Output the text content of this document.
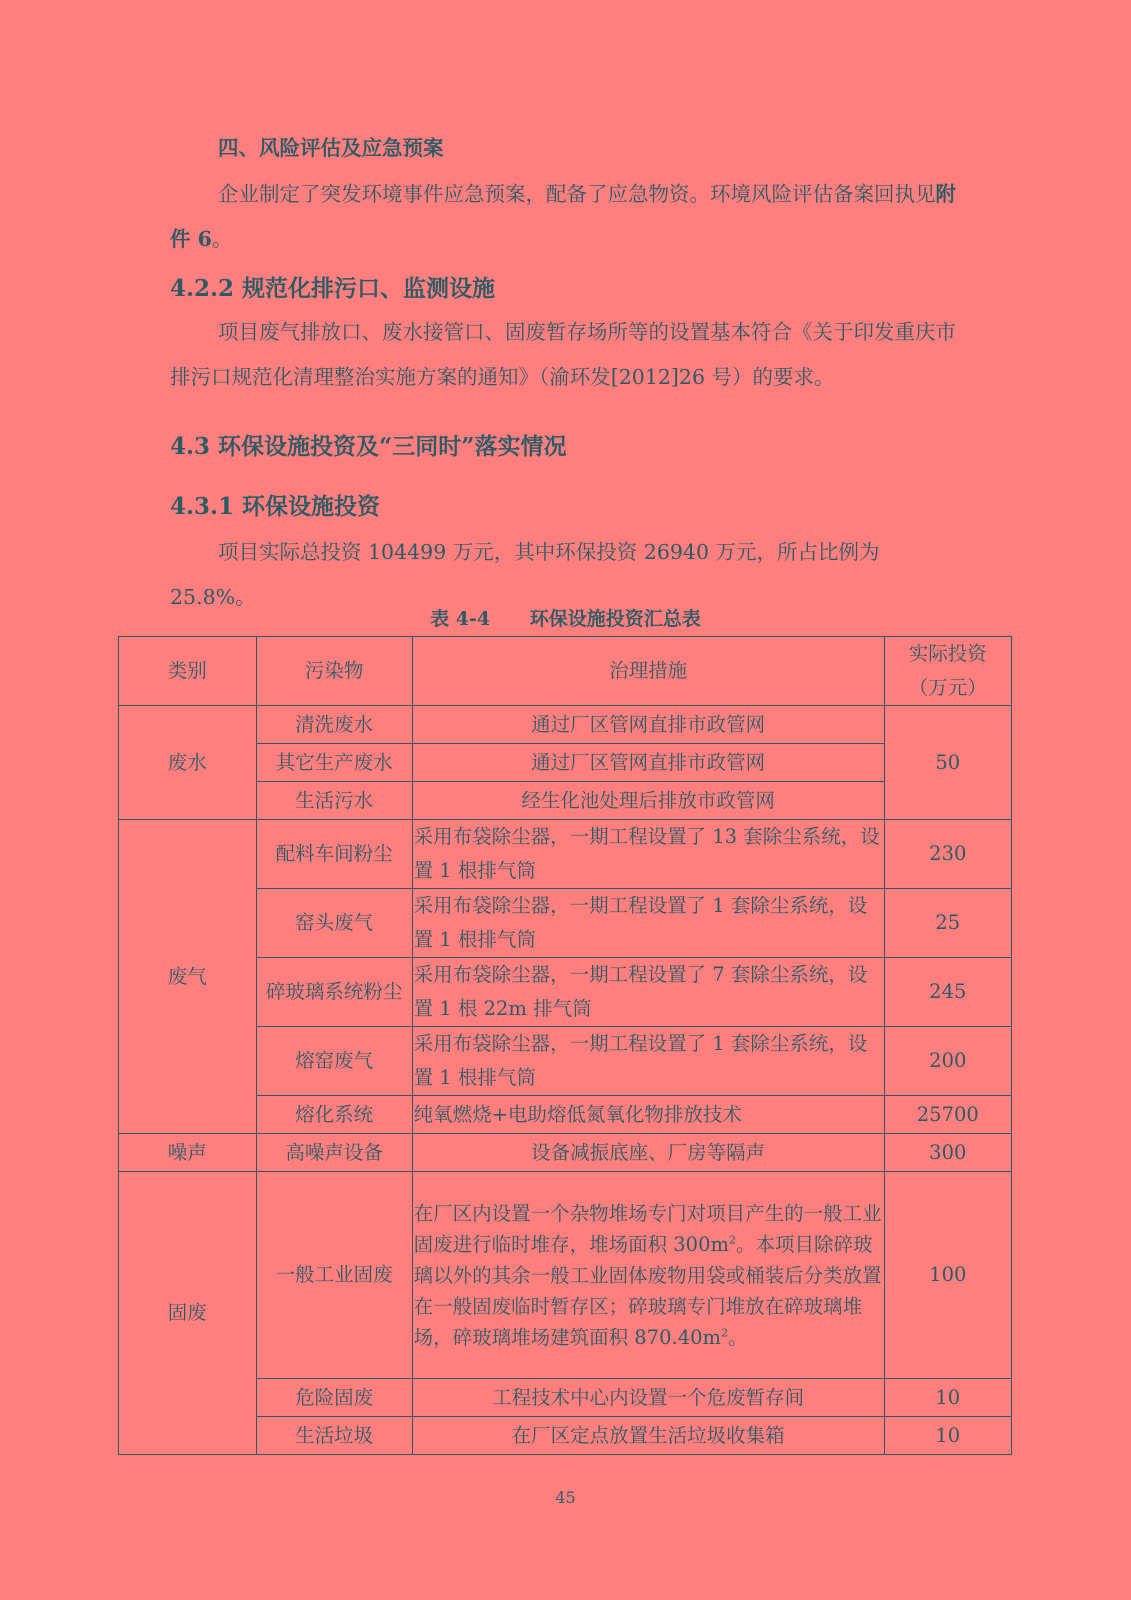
四、风险评估及应急预案

企业制定了突发环境事件应急预案，配备了应急物资。环境风险评估备案回执见附件 6。

4.2.2 规范化排污口、监测设施

项目废气排放口、废水接管口、固废暂存场所等的设置基本符合《关于印发重庆市排污口规范化清理整治实施方案的通知》（渝环发[2012]26 号）的要求。

4.3 环保设施投资及“三同时”落实情况
4.3.1 环保设施投资

项目实际总投资 104499 万元，其中环保投资 26940 万元，所占比例为 25.8%。

表 4-4      环保设施投资汇总表
类别	污染物	治理措施	实际投资
（万元）
废水	清洗废水	通过厂区管网直排市政管网	50
	其它生产废水	通过厂区管网直排市政管网	
	生活污水	经生化池处理后排放市政管网	
废气	配料车间粉尘	采用布袋除尘器，一期工程设置了 13 套除尘系统，设置 1 根排气筒	230
	窑头废气	采用布袋除尘器，一期工程设置了 1 套除尘系统，设置 1 根排气筒	25
	碎玻璃系统粉尘	采用布袋除尘器，一期工程设置了 7 套除尘系统，设置 1 根 22m 排气筒	245
	熔窑废气	采用布袋除尘器，一期工程设置了 1 套除尘系统，设置 1 根排气筒	200
	熔化系统	纯氧燃烧+电助熔低氮氧化物排放技术	25700
噪声	高噪声设备	设备减振底座、厂房等隔声	300
固废	一般工业固废	在厂区内设置一个杂物堆场专门对项目产生的一般工业固废进行临时堆存，堆场面积 $300m^2$。本项目除碎玻璃以外的其余一般工业固体废物用袋或桶装后分类放置在一般固废临时暂存区；碎玻璃专门堆放在碎玻璃堆场，碎玻璃堆场建筑面积 $870.40m^2$。	100
	危险固废	工程技术中心内设置一个危废暂存间	10
	生活垃圾	在厂区定点放置生活垃圾收集箱	10
45
